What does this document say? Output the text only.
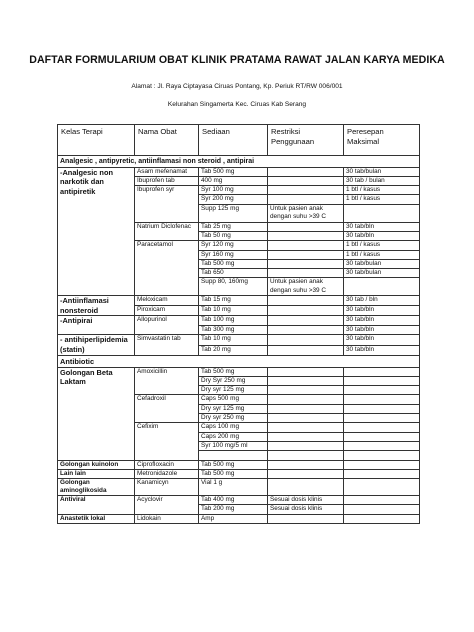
DAFTAR FORMULARIUM OBAT KLINIK PRATAMA RAWAT JALAN KARYA MEDIKA
Alamat : Jl. Raya Ciptayasa Ciruas Pontang, Kp. Periuk RT/RW 006/001
Kelurahan Singamerta Kec. Ciruas Kab Serang
Kelas Terapi	Nama Obat	Sediaan	Restriksi Penggunaan	Peresepan Maksimal
Analgesic , antipyretic, antiinflamasi non steroid , antipirai				
-Analgesic non narkotik dan antipiretik	Asam mefenamat	Tab 500 mg		30 tab/bulan
	Ibuprofen tab	400 mg		30 tab / bulan
	Ibuprofen syr	Syr 100 mg		1 btl / kasus
		Syr 200 mg		1 btl / kasus
		Supp 125 mg	Untuk pasien anak dengan suhu >39 C	
	Natrium Diclofenac	Tab 25 mg		30 tab/bln
		Tab 50 mg		30 tab/bln
	Paracetamol	Syr 120 mg		1 btl / kasus
		Syr 160 mg		1 btl / kasus
		Tab 500 mg		30 tab/bulan
		Tab 650		30 tab/bulan
		Supp 80, 160mg	Untuk pasien anak dengan suhu >39 C	
-Antiinflamasi nonsteroid	Meloxicam	Tab 15 mg		30 tab / bln
	Piroxicam	Tab 10 mg		30 tab/bln
-Antipirai	Allopurinol	Tab 100 mg		30 tab/bln
		Tab 300 mg		30 tab/bln
- antihiperlipidemia (statin)	Simvastatin tab	Tab 10 mg		30 tab/bln
		Tab 20 mg		30 tab/bln
Antibiotic				
Golongan Beta Laktam	Amoxicillin	Tab 500 mg		
		Dry Syr 250 mg		
		Dry syr 125 mg		
	Cefadroxil	Caps 500 mg		
		Dry syr 125 mg		
		Dry syr 250 mg		
	Cefixim	Caps 100 mg		
		Caps 200 mg		
		Syr 100 mg/5 ml		

Golongan kuinolon	Ciprofloxacin	Tab 500 mg		
Lain lain	Metronidazole	Tab 500 mg		
Golongan aminoglikosida	Kanamicyn	Vial 1 g		
Antiviral	Acyclovir	Tab 400 mg	Sesuai dosis klinis	
		Tab 200 mg	Sesuai dosis klinis	
Anastetik lokal	Lidokain	Amp		
